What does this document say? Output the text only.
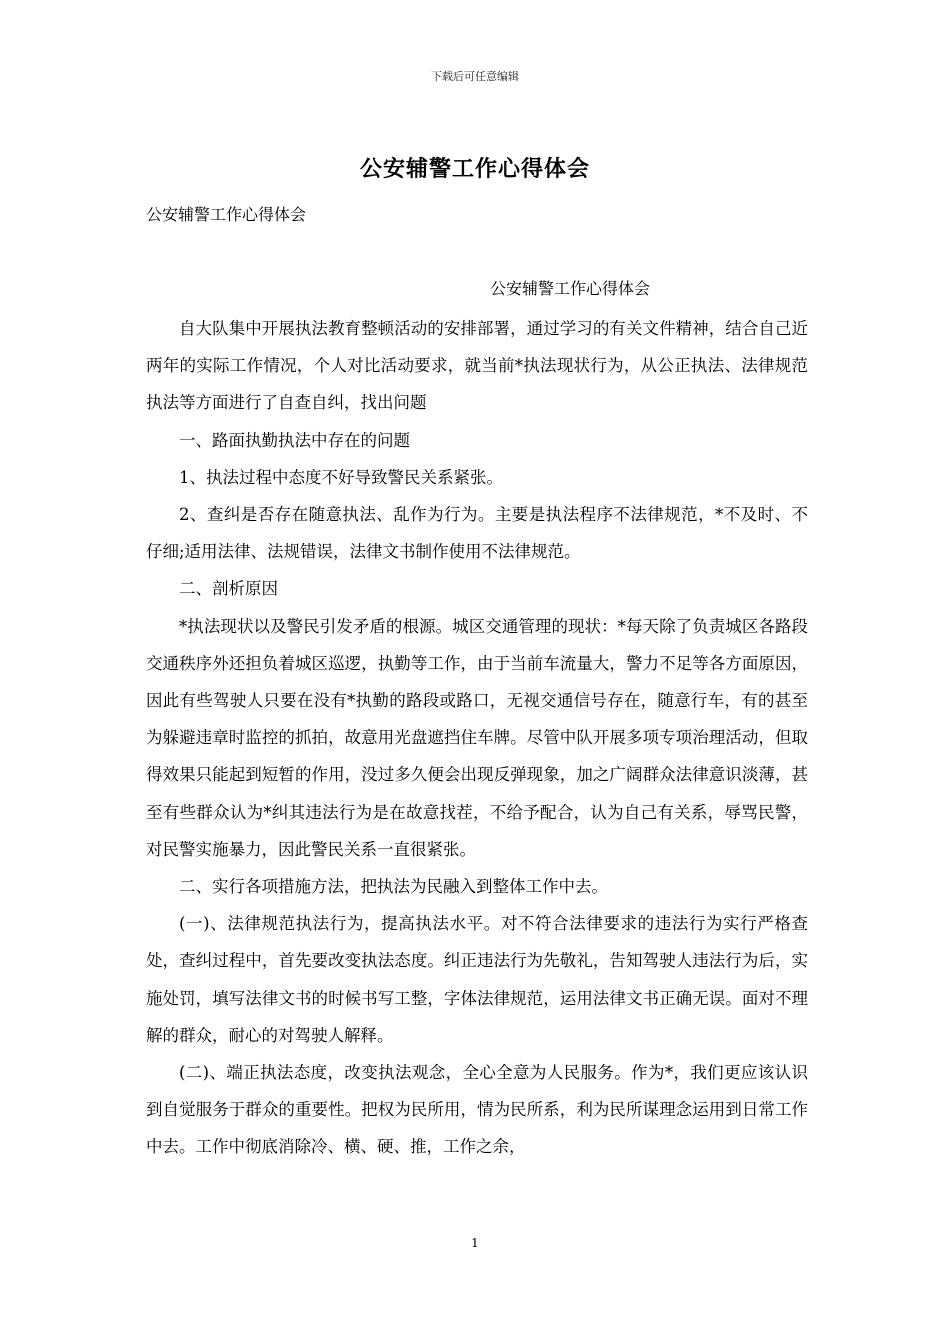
下载后可任意编辑
公安辅警工作心得体会
公安辅警工作心得体会
公安辅警工作心得体会

自大队集中开展执法教育整顿活动的安排部署，通过学习的有关文件精神，结合自己近两年的实际工作情况，个人对比活动要求，就当前*执法现状行为，从公正执法、法律规范执法等方面进行了自查自纠，找出问题

一、路面执勤执法中存在的问题

1、执法过程中态度不好导致警民关系紧张。

2、查纠是否存在随意执法、乱作为行为。主要是执法程序不法律规范，*不及时、不仔细;适用法律、法规错误，法律文书制作使用不法律规范。

二、剖析原因

*执法现状以及警民引发矛盾的根源。城区交通管理的现状：*每天除了负责城区各路段交通秩序外还担负着城区巡逻，执勤等工作，由于当前车流量大，警力不足等各方面原因，因此有些驾驶人只要在没有*执勤的路段或路口，无视交通信号存在，随意行车，有的甚至为躲避违章时监控的抓拍，故意用光盘遮挡住车牌。尽管中队开展多项专项治理活动，但取得效果只能起到短暂的作用，没过多久便会出现反弹现象，加之广阔群众法律意识淡薄，甚至有些群众认为*纠其违法行为是在故意找茬，不给予配合，认为自己有关系，辱骂民警，对民警实施暴力，因此警民关系一直很紧张。

二、实行各项措施方法，把执法为民融入到整体工作中去。

(一)、法律规范执法行为，提高执法水平。对不符合法律要求的违法行为实行严格查处，查纠过程中，首先要改变执法态度。纠正违法行为先敬礼，告知驾驶人违法行为后，实施处罚，填写法律文书的时候书写工整，字体法律规范，运用法律文书正确无误。面对不理解的群众，耐心的对驾驶人解释。

(二)、端正执法态度，改变执法观念，全心全意为人民服务。作为*，我们更应该认识到自觉服务于群众的重要性。把权为民所用，情为民所系，利为民所谋理念运用到日常工作中去。工作中彻底消除冷、横、硬、推，工作之余，

1
